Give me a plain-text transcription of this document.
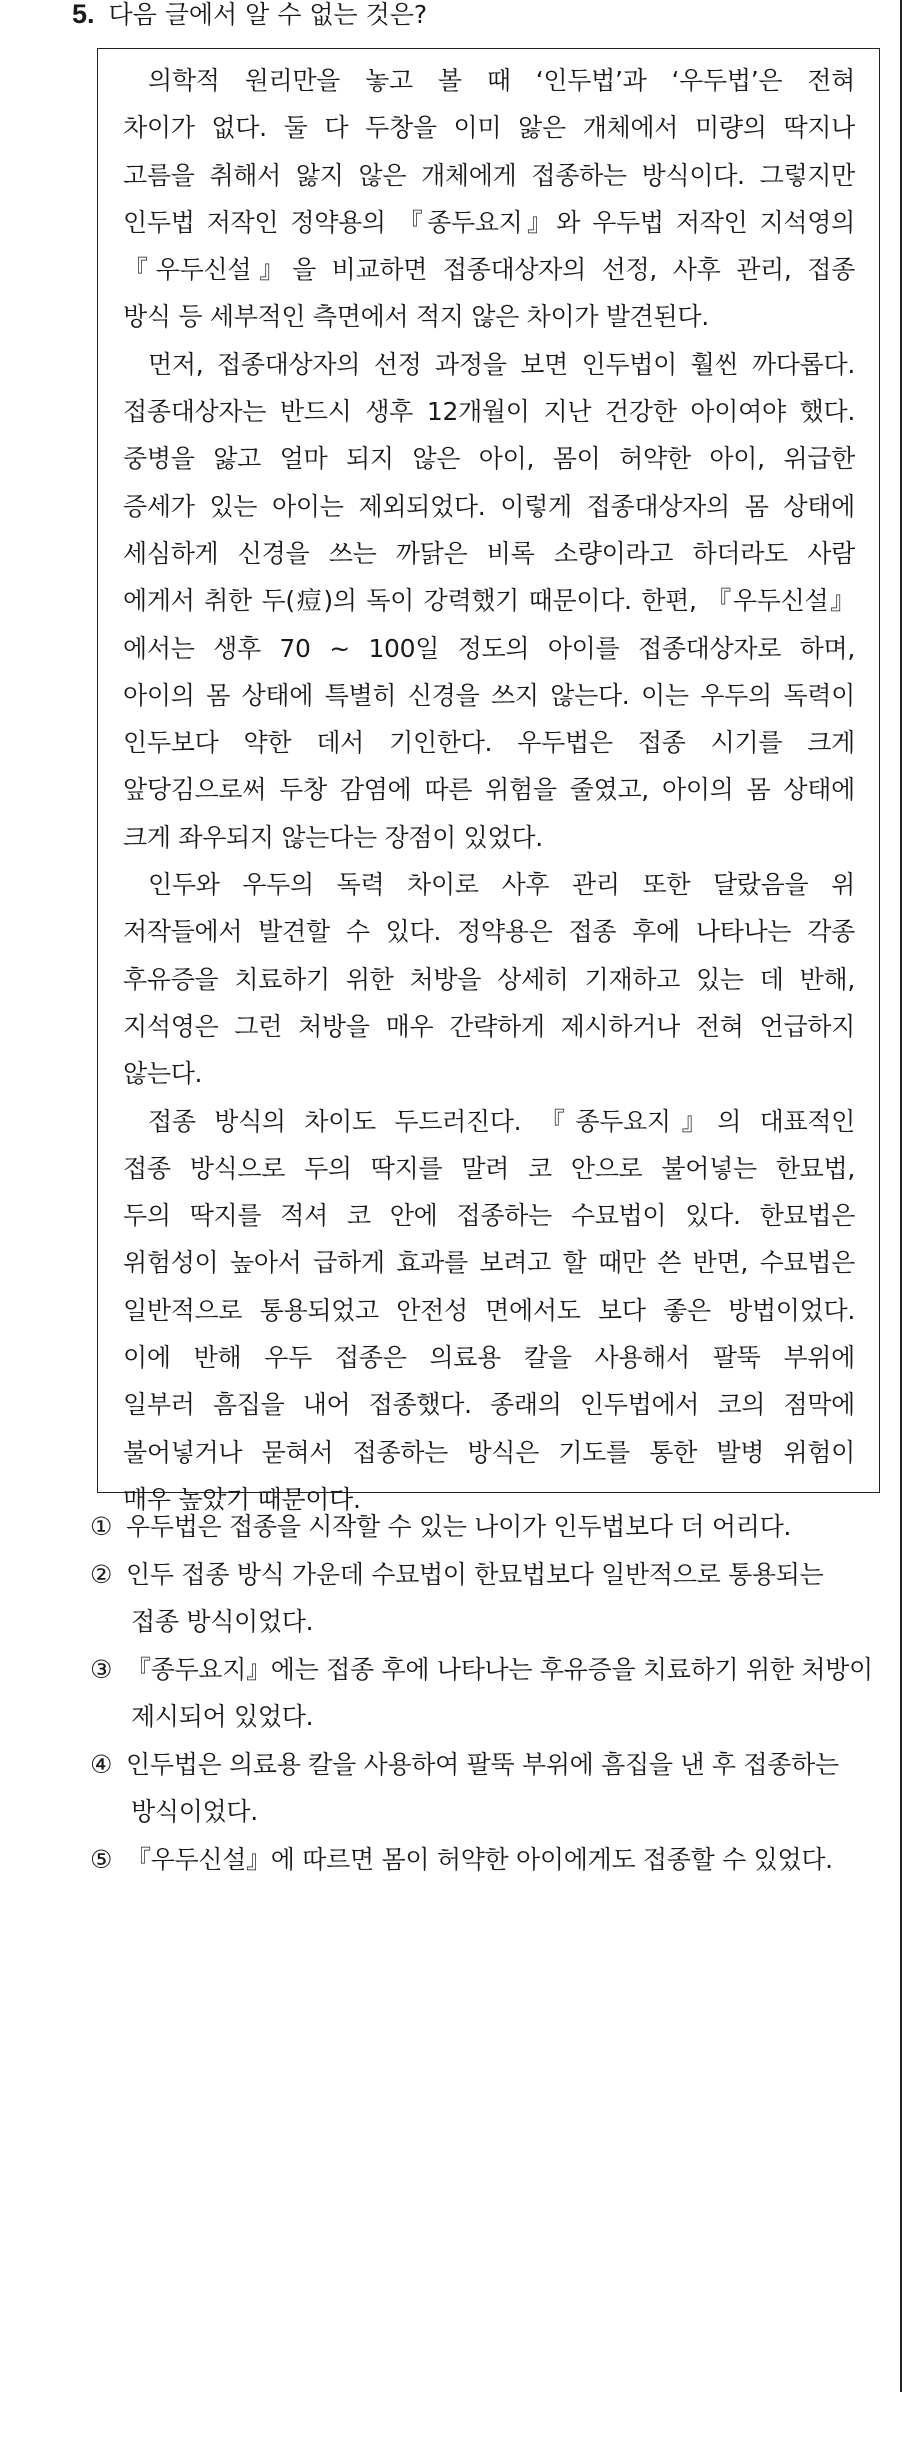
5. 다음 글에서 알 수 없는 것은?
의학적 원리만을 놓고 볼 때 ‘인두법’과 ‘우두법’은 전혀
차이가 없다. 둘 다 두창을 이미 앓은 개체에서 미량의 딱지나
고름을 취해서 앓지 않은 개체에게 접종하는 방식이다. 그렇지만
인두법 저작인 정약용의 『종두요지』와 우두법 저작인 지석영의
『우두신설』을 비교하면 접종대상자의 선정, 사후 관리, 접종
방식 등 세부적인 측면에서 적지 않은 차이가 발견된다.
먼저, 접종대상자의 선정 과정을 보면 인두법이 훨씬 까다롭다.
접종대상자는 반드시 생후 12개월이 지난 건강한 아이여야 했다.
중병을 앓고 얼마 되지 않은 아이, 몸이 허약한 아이, 위급한
증세가 있는 아이는 제외되었다. 이렇게 접종대상자의 몸 상태에
세심하게 신경을 쓰는 까닭은 비록 소량이라고 하더라도 사람
에게서 취한 두(痘)의 독이 강력했기 때문이다. 한편, 『우두신설』
에서는 생후 70 ~ 100일 정도의 아이를 접종대상자로 하며,
아이의 몸 상태에 특별히 신경을 쓰지 않는다. 이는 우두의 독력이
인두보다 약한 데서 기인한다. 우두법은 접종 시기를 크게
앞당김으로써 두창 감염에 따른 위험을 줄였고, 아이의 몸 상태에
크게 좌우되지 않는다는 장점이 있었다.
인두와 우두의 독력 차이로 사후 관리 또한 달랐음을 위
저작들에서 발견할 수 있다. 정약용은 접종 후에 나타나는 각종
후유증을 치료하기 위한 처방을 상세히 기재하고 있는 데 반해,
지석영은 그런 처방을 매우 간략하게 제시하거나 전혀 언급하지
않는다.
접종 방식의 차이도 두드러진다. 『종두요지』의 대표적인
접종 방식으로 두의 딱지를 말려 코 안으로 불어넣는 한묘법,
두의 딱지를 적셔 코 안에 접종하는 수묘법이 있다. 한묘법은
위험성이 높아서 급하게 효과를 보려고 할 때만 쓴 반면, 수묘법은
일반적으로 통용되었고 안전성 면에서도 보다 좋은 방법이었다.
이에 반해 우두 접종은 의료용 칼을 사용해서 팔뚝 부위에
일부러 흠집을 내어 접종했다. 종래의 인두법에서 코의 점막에
불어넣거나 묻혀서 접종하는 방식은 기도를 통한 발병 위험이
매우 높았기 때문이다.
① 우두법은 접종을 시작할 수 있는 나이가 인두법보다 더 어리다.
② 인두 접종 방식 가운데 수묘법이 한묘법보다 일반적으로 통용되는
접종 방식이었다.
③ 『종두요지』에는 접종 후에 나타나는 후유증을 치료하기 위한 처방이
제시되어 있었다.
④ 인두법은 의료용 칼을 사용하여 팔뚝 부위에 흠집을 낸 후 접종하는
방식이었다.
⑤ 『우두신설』에 따르면 몸이 허약한 아이에게도 접종할 수 있었다.
